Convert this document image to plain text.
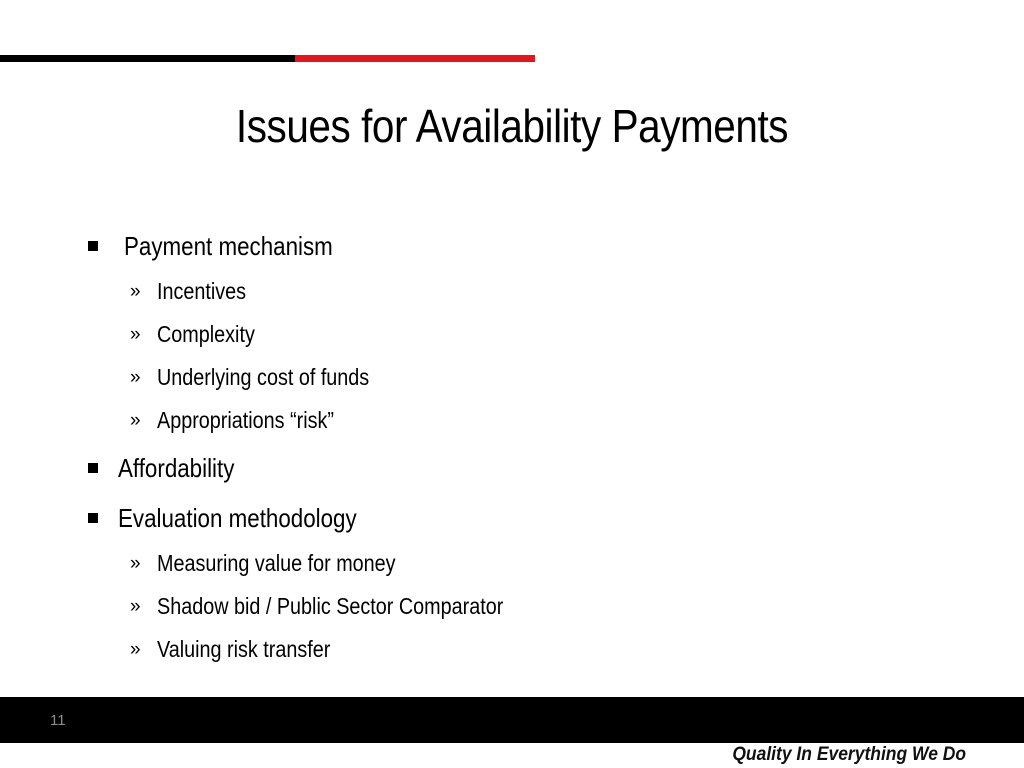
Issues for Availability Payments
Payment mechanism
» Incentives
» Complexity
» Underlying cost of funds
» Appropriations “risk”
Affordability
Evaluation methodology
» Measuring value for money
» Shadow bid / Public Sector Comparator
» Valuing risk transfer
11
Quality In Everything We Do
